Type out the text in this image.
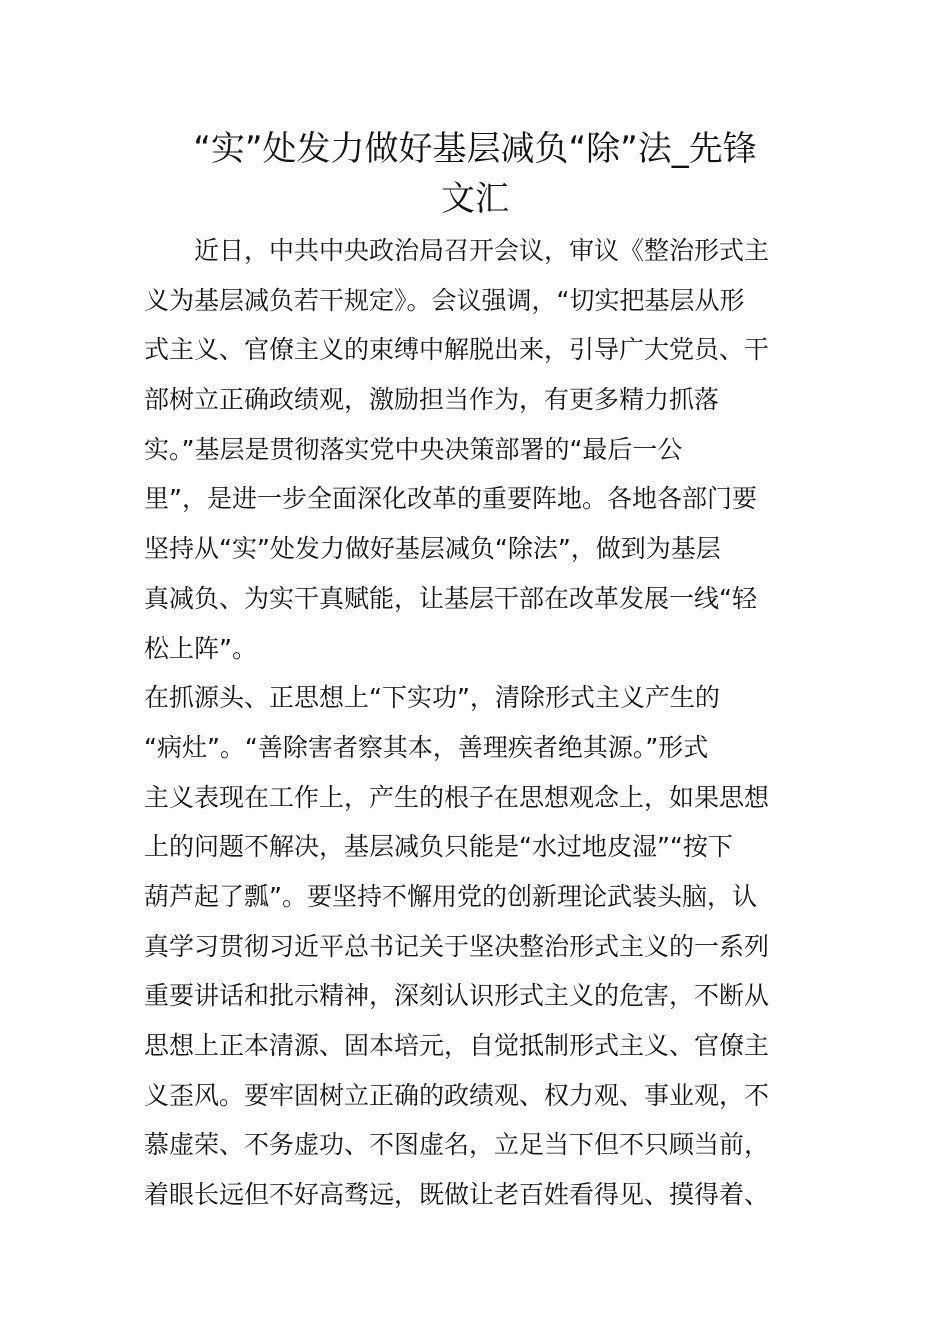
“实”处发力做好基层减负“除”法_先锋
文汇
　　近日，中共中央政治局召开会议，审议《整治形式主
义为基层减负若干规定》。会议强调，“切实把基层从形
式主义、官僚主义的束缚中解脱出来，引导广大党员、干
部树立正确政绩观，激励担当作为，有更多精力抓落
实。”基层是贯彻落实党中央决策部署的“最后一公
里”，是进一步全面深化改革的重要阵地。各地各部门要
坚持从“实”处发力做好基层减负“除法”，做到为基层
真减负、为实干真赋能，让基层干部在改革发展一线“轻
松上阵”。
在抓源头、正思想上“下实功”，清除形式主义产生的
“病灶”。“善除害者察其本，善理疾者绝其源。”形式
主义表现在工作上，产生的根子在思想观念上，如果思想
上的问题不解决，基层减负只能是“水过地皮湿”“按下
葫芦起了瓢”。要坚持不懈用党的创新理论武装头脑，认
真学习贯彻习近平总书记关于坚决整治形式主义的一系列
重要讲话和批示精神，深刻认识形式主义的危害，不断从
思想上正本清源、固本培元，自觉抵制形式主义、官僚主
义歪风。要牢固树立正确的政绩观、权力观、事业观，不
慕虚荣、不务虚功、不图虚名，立足当下但不只顾当前，
着眼长远但不好高骛远，既做让老百姓看得见、摸得着、
